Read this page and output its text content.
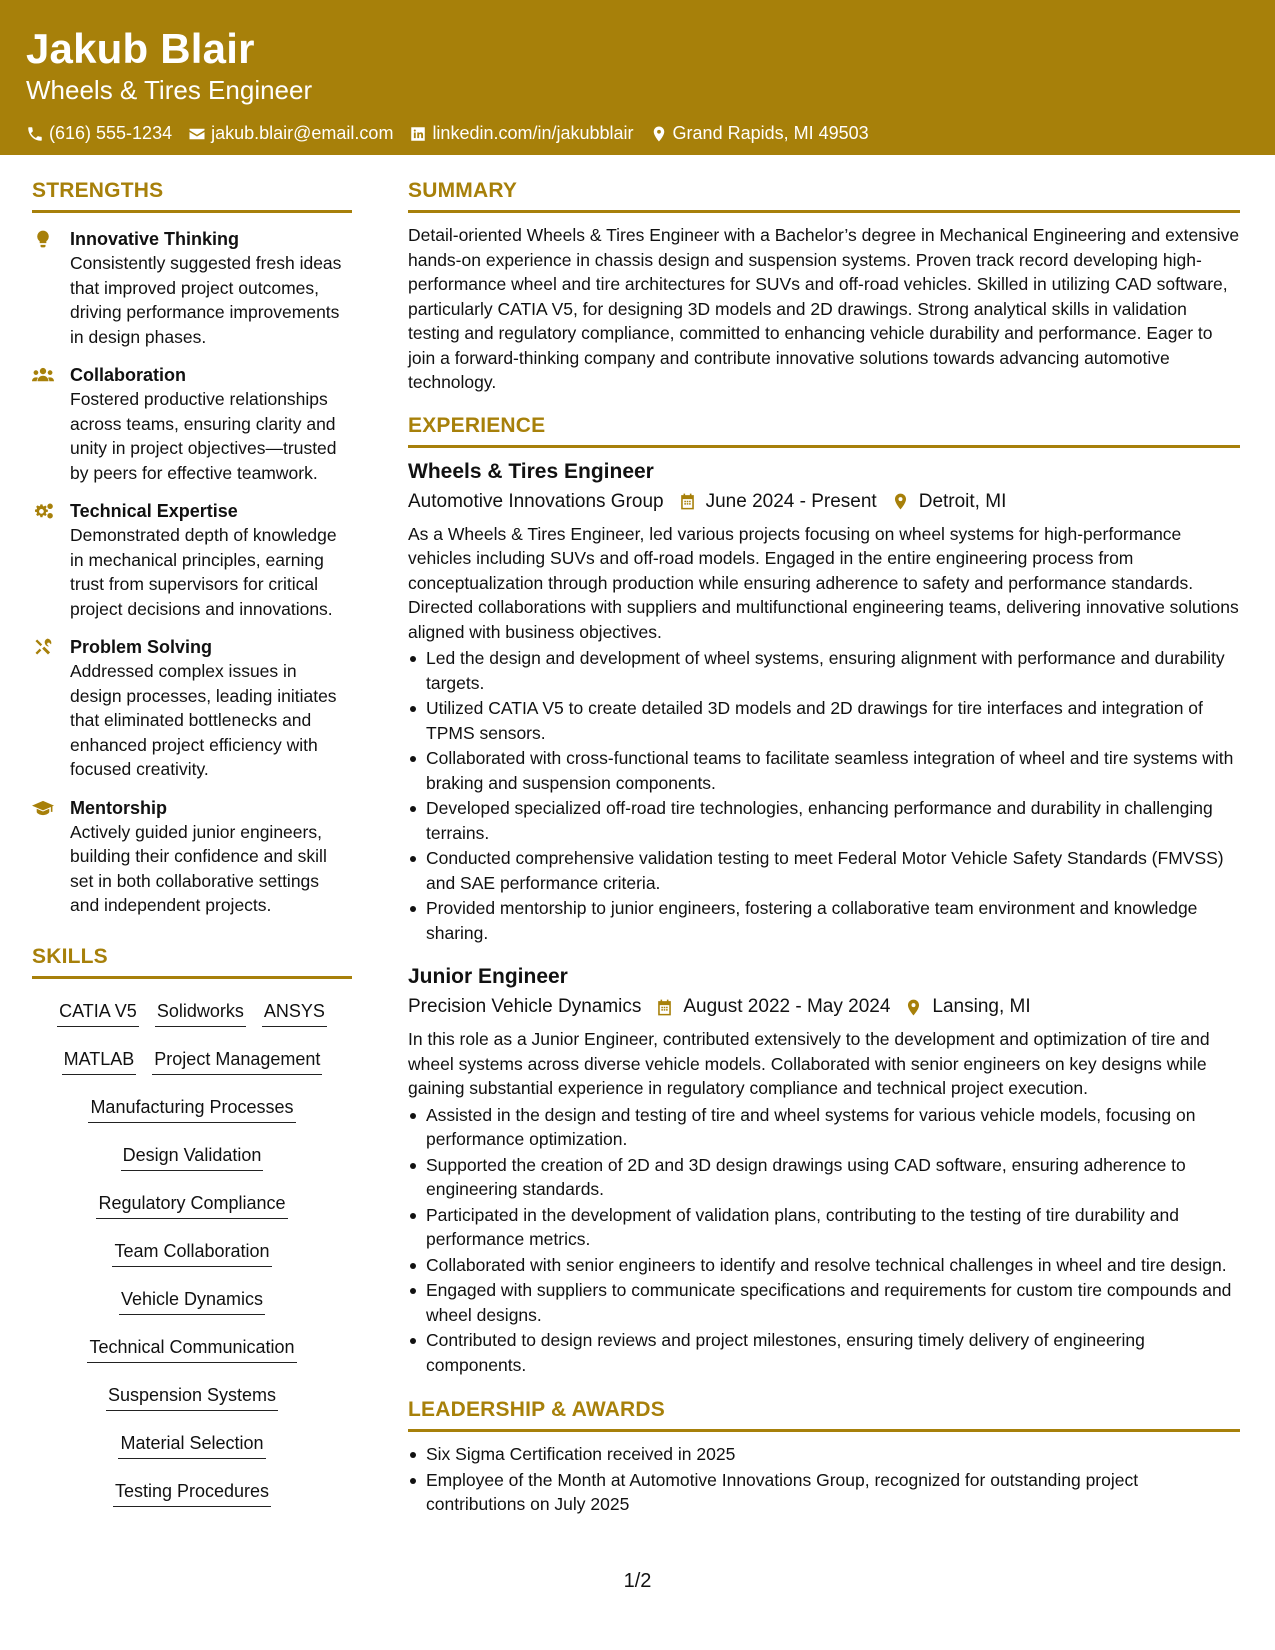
Jakub Blair
Wheels & Tires Engineer
(616) 555-1234 jakub.blair@email.com linkedin.com/in/jakubblair Grand Rapids, MI 49503
STRENGTHS
Innovative Thinking
Consistently suggested fresh ideas that improved project outcomes, driving performance improvements in design phases.
Collaboration
Fostered productive relationships across teams, ensuring clarity and unity in project objectives—trusted by peers for effective teamwork.
Technical Expertise
Demonstrated depth of knowledge in mechanical principles, earning trust from supervisors for critical project decisions and innovations.
Problem Solving
Addressed complex issues in design processes, leading initiates that eliminated bottlenecks and enhanced project efficiency with focused creativity.
Mentorship
Actively guided junior engineers, building their confidence and skill set in both collaborative settings and independent projects.
SKILLS
CATIA V5 Solidworks ANSYS
MATLAB Project Management
Manufacturing Processes
Design Validation
Regulatory Compliance
Team Collaboration
Vehicle Dynamics
Technical Communication
Suspension Systems
Material Selection
Testing Procedures
SUMMARY
Detail-oriented Wheels & Tires Engineer with a Bachelor’s degree in Mechanical Engineering and extensive hands-on experience in chassis design and suspension systems. Proven track record developing high-performance wheel and tire architectures for SUVs and off-road vehicles. Skilled in utilizing CAD software, particularly CATIA V5, for designing 3D models and 2D drawings. Strong analytical skills in validation testing and regulatory compliance, committed to enhancing vehicle durability and performance. Eager to join a forward-thinking company and contribute innovative solutions towards advancing automotive technology.
EXPERIENCE
Wheels & Tires Engineer
Automotive Innovations Group June 2024 - Present Detroit, MI
As a Wheels & Tires Engineer, led various projects focusing on wheel systems for high-performance vehicles including SUVs and off-road models. Engaged in the entire engineering process from conceptualization through production while ensuring adherence to safety and performance standards. Directed collaborations with suppliers and multifunctional engineering teams, delivering innovative solutions aligned with business objectives.
Led the design and development of wheel systems, ensuring alignment with performance and durability targets.
Utilized CATIA V5 to create detailed 3D models and 2D drawings for tire interfaces and integration of TPMS sensors.
Collaborated with cross-functional teams to facilitate seamless integration of wheel and tire systems with braking and suspension components.
Developed specialized off-road tire technologies, enhancing performance and durability in challenging terrains.
Conducted comprehensive validation testing to meet Federal Motor Vehicle Safety Standards (FMVSS) and SAE performance criteria.
Provided mentorship to junior engineers, fostering a collaborative team environment and knowledge sharing.
Junior Engineer
Precision Vehicle Dynamics August 2022 - May 2024 Lansing, MI
In this role as a Junior Engineer, contributed extensively to the development and optimization of tire and wheel systems across diverse vehicle models. Collaborated with senior engineers on key designs while gaining substantial experience in regulatory compliance and technical project execution.
Assisted in the design and testing of tire and wheel systems for various vehicle models, focusing on performance optimization.
Supported the creation of 2D and 3D design drawings using CAD software, ensuring adherence to engineering standards.
Participated in the development of validation plans, contributing to the testing of tire durability and performance metrics.
Collaborated with senior engineers to identify and resolve technical challenges in wheel and tire design.
Engaged with suppliers to communicate specifications and requirements for custom tire compounds and wheel designs.
Contributed to design reviews and project milestones, ensuring timely delivery of engineering components.
LEADERSHIP & AWARDS
Six Sigma Certification received in 2025
Employee of the Month at Automotive Innovations Group, recognized for outstanding project contributions on July 2025
1/2
